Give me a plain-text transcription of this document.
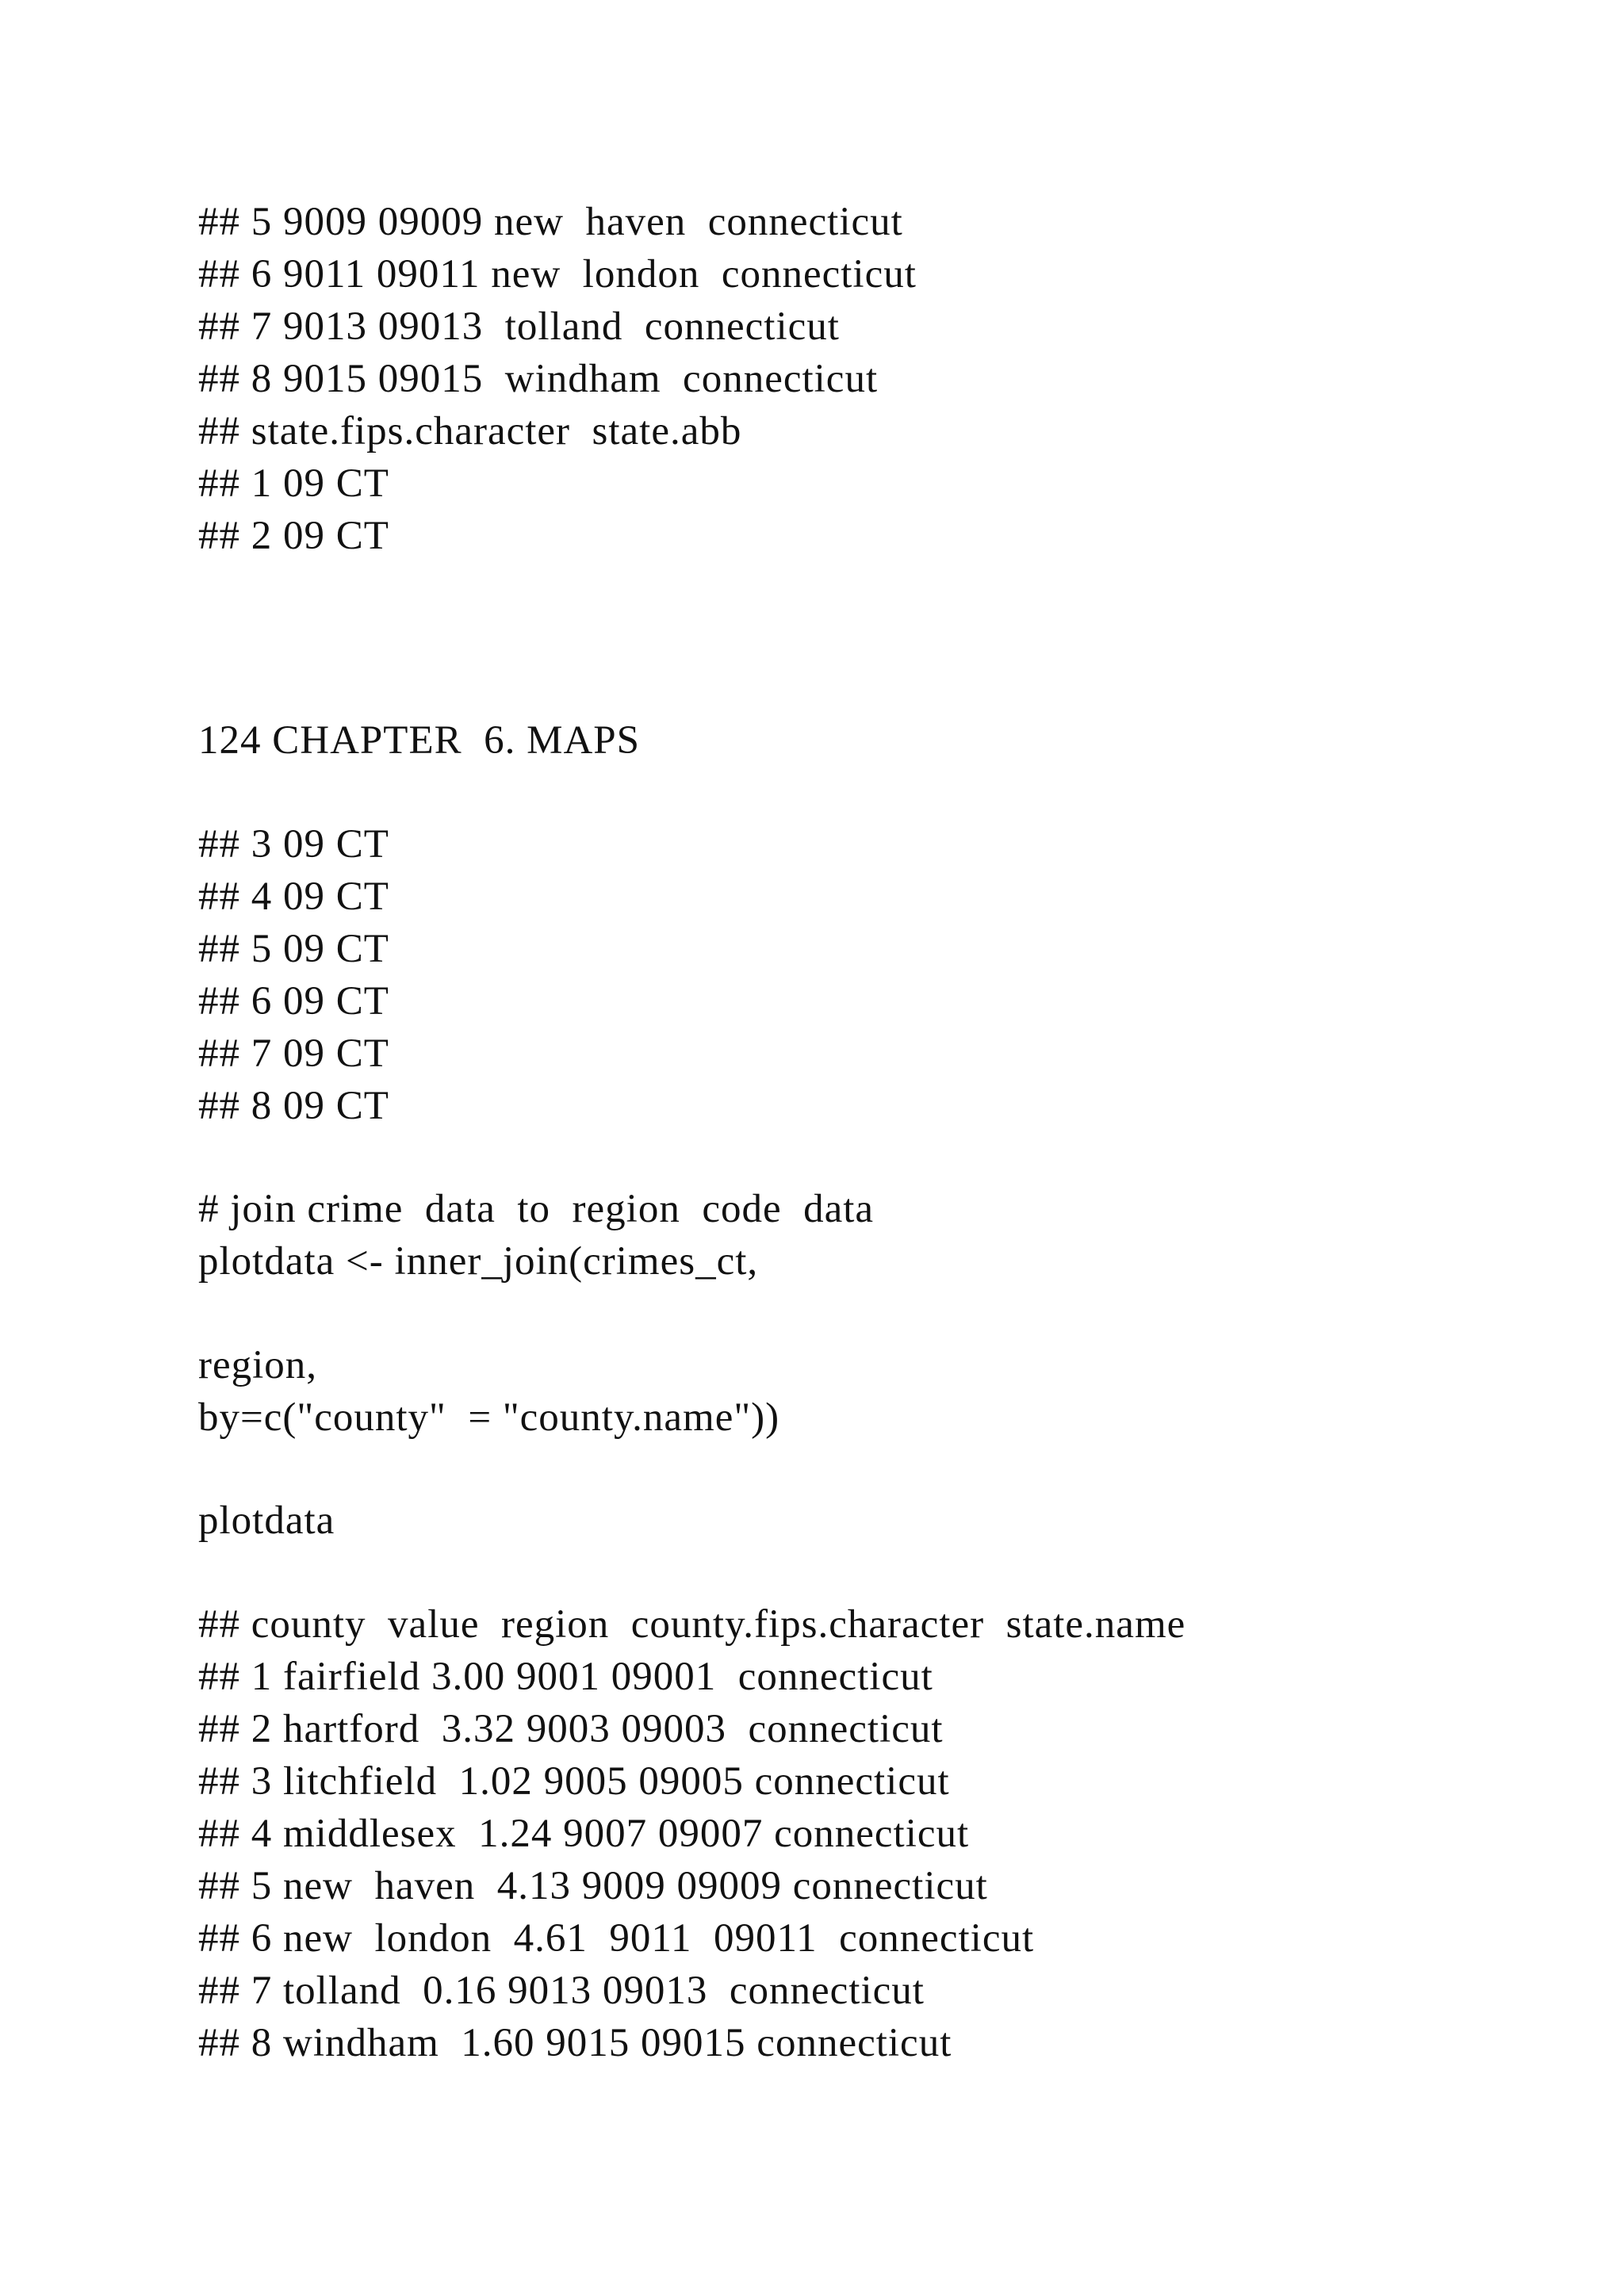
## 5 9009 09009 new  haven  connecticut
## 6 9011 09011 new  london  connecticut
## 7 9013 09013  tolland  connecticut
## 8 9015 09015  windham  connecticut
## state.fips.character  state.abb
## 1 09 CT
## 2 09 CT
124 CHAPTER  6. MAPS
## 3 09 CT
## 4 09 CT
## 5 09 CT
## 6 09 CT
## 7 09 CT
## 8 09 CT
# join crime  data  to  region  code  data
plotdata <- inner_join(crimes_ct,
region,
by=c("county"  = "county.name"))
plotdata
## county  value  region  county.fips.character  state.name
## 1 fairfield 3.00 9001 09001  connecticut
## 2 hartford  3.32 9003 09003  connecticut
## 3 litchfield  1.02 9005 09005 connecticut
## 4 middlesex  1.24 9007 09007 connecticut
## 5 new  haven  4.13 9009 09009 connecticut
## 6 new  london  4.61  9011  09011  connecticut
## 7 tolland  0.16 9013 09013  connecticut
## 8 windham  1.60 9015 09015 connecticut
